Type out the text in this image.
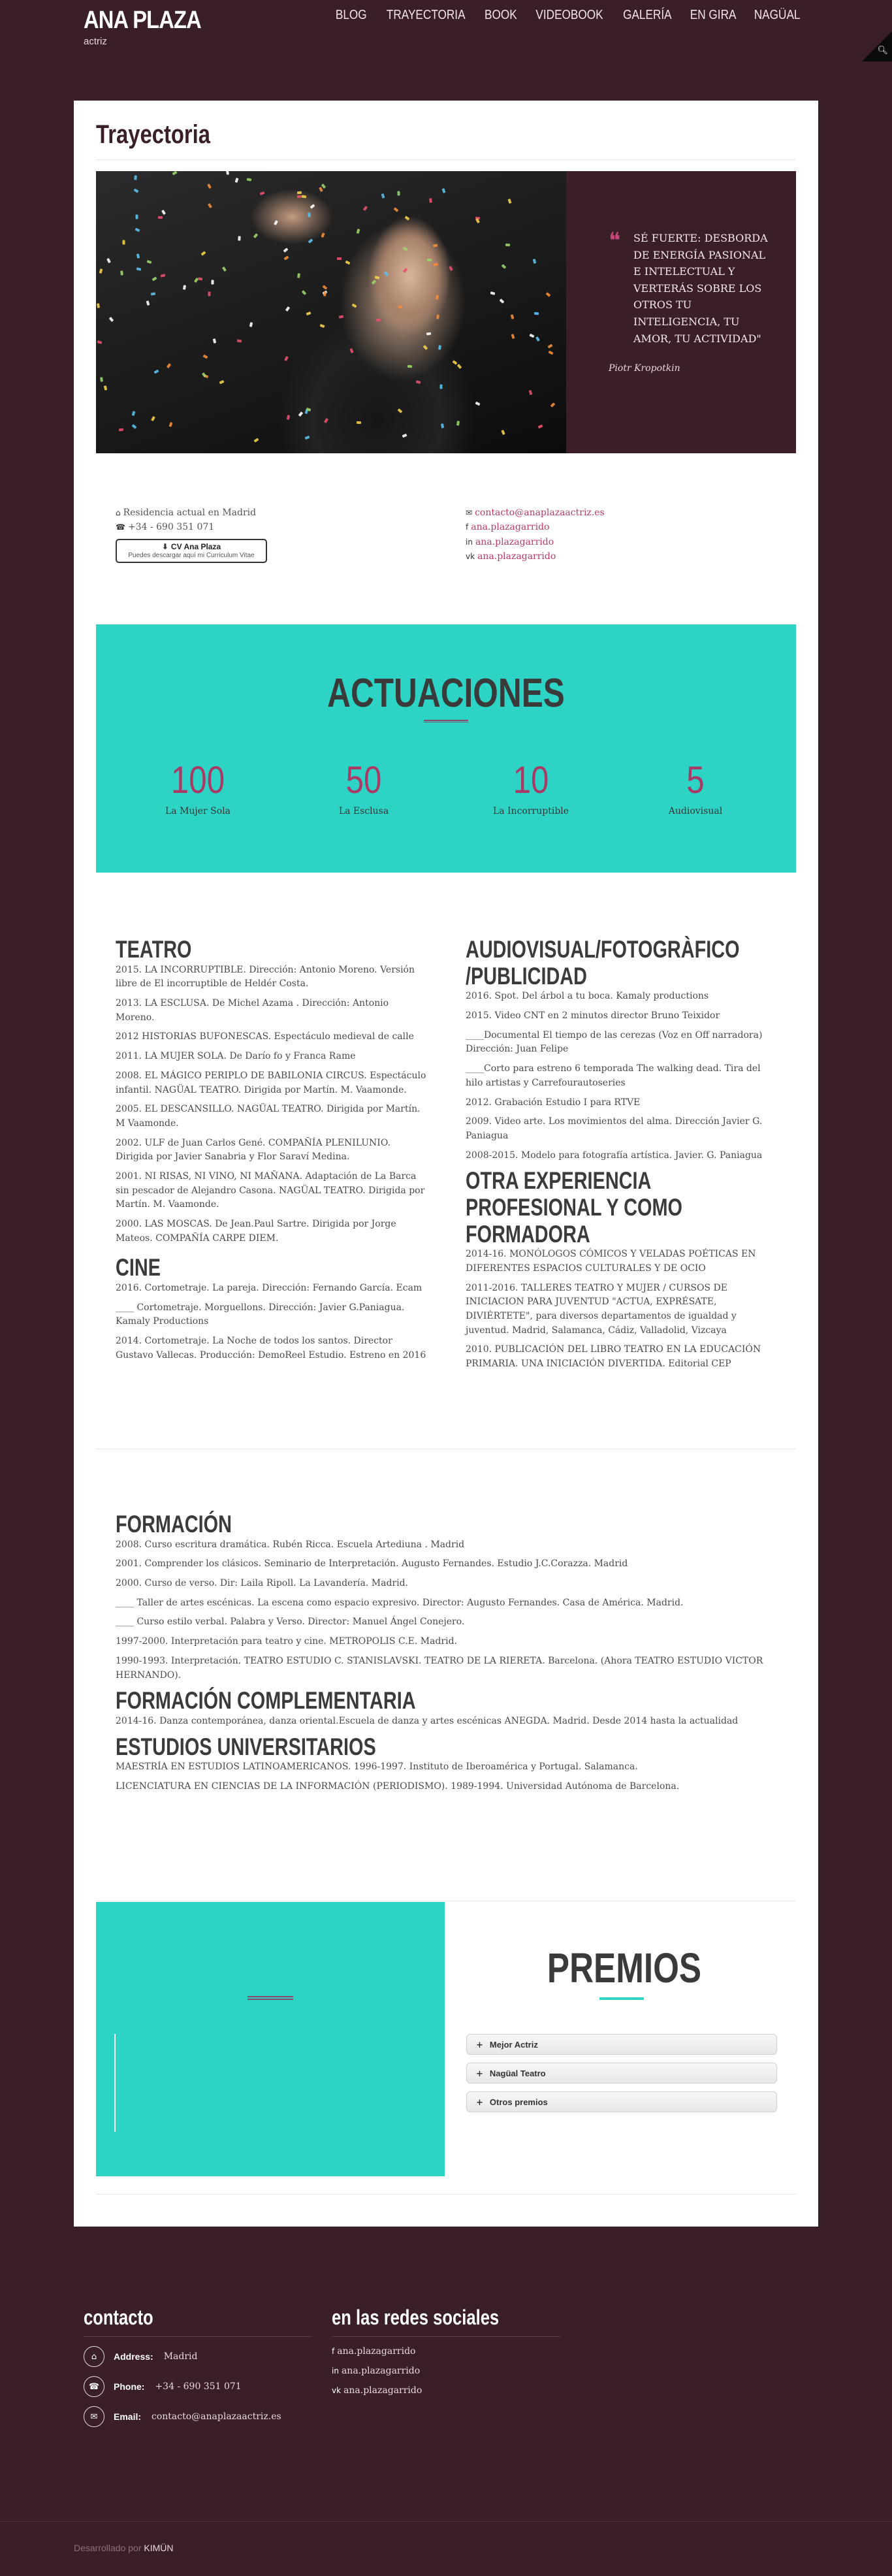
ANA PLAZA
actriz
BLOG TRAYECTORIA BOOK VIDEOBOOK GALERÍA EN GIRA NAGÜAL
🔍︎
Trayectoria
❝ SÉ FUERTE: DESBORDA DE ENERGÍA PASIONAL E INTELECTUAL Y VERTERÁS SOBRE LOS OTROS TU INTELIGENCIA, TU AMOR, TU ACTIVIDAD"
Piotr Kropotkin
⌂ Residencia actual en Madrid
☎ +34 - 690 351 071
⬇ CV Ana Plaza
Puedes descargar aquí mi Curriculum Vitae
✉ contacto@anaplazaactriz.es
f ana.plazagarrido
in ana.plazagarrido
vk ana.plazagarrido
ACTUACIONES
100
La Mujer Sola
50
La Esclusa
10
La Incorruptible
5
Audiovisual
TEATRO

2015. LA INCORRUPTIBLE. Dirección: Antonio Moreno. Versión libre de El incorruptible de Heldér Costa.

2013. LA ESCLUSA. De Michel Azama . Dirección: Antonio Moreno.

2012 HISTORIAS BUFONESCAS. Espectáculo medieval de calle

2011. LA MUJER SOLA. De Darío fo y Franca Rame

2008. EL MÁGICO PERIPLO DE BABILONIA CIRCUS. Espectáculo infantil. NAGÜAL TEATRO. Dirigida por Martín. M. Vaamonde.

2005. EL DESCANSILLO. NAGÜAL TEATRO. Dirigida por Martín. M Vaamonde.

2002. ULF de Juan Carlos Gené. COMPAÑÍA PLENILUNIO. Dirigida por Javier Sanabria y Flor Saraví Medina.

2001. NI RISAS, NI VINO, NI MAÑANA. Adaptación de La Barca sin pescador de Alejandro Casona. NAGÜAL TEATRO. Dirigida por Martín. M. Vaamonde.

2000. LAS MOSCAS. De Jean.Paul Sartre. Dirigida por Jorge Mateos. COMPAÑÍA CARPE DIEM.

CINE

2016. Cortometraje. La pareja. Dirección: Fernando García. Ecam

____ Cortometraje. Morguellons. Dirección: Javier G.Paniagua. Kamaly Productions

2014. Cortometraje. La Noche de todos los santos. Director Gustavo Vallecas. Producción: DemoReel Estudio. Estreno en 2016

AUDIOVISUAL/FOTOGRÀFICO /PUBLICIDAD

2016. Spot. Del árbol a tu boca. Kamaly productions

2015. Video CNT en 2 minutos director Bruno Teixidor

____Documental El tiempo de las cerezas (Voz en Off narradora) Dirección: Juan Felipe

____Corto para estreno 6 temporada The walking dead. Tira del hilo artistas y Carrefourautoseries

2012. Grabación Estudio I para RTVE

2009. Video arte. Los movimientos del alma. Dirección Javier G. Paniagua

2008-2015. Modelo para fotografía artística. Javier. G. Paniagua

OTRA EXPERIENCIA PROFESIONAL Y COMO FORMADORA

2014-16. MONÓLOGOS CÓMICOS Y VELADAS POÉTICAS EN DIFERENTES ESPACIOS CULTURALES Y DE OCIO

2011-2016. TALLERES TEATRO Y MUJER / CURSOS DE INICIACION PARA JUVENTUD "ACTUA, EXPRÉSATE, DIVIÉRTETE", para diversos departamentos de igualdad y juventud. Madrid, Salamanca, Cádiz, Valladolid, Vizcaya

2010. PUBLICACIÓN DEL LIBRO TEATRO EN LA EDUCACIÓN PRIMARIA. UNA INICIACIÓN DIVERTIDA. Editorial CEP

FORMACIÓN

2008. Curso escritura dramática. Rubén Ricca. Escuela Artediuna . Madrid

2001. Comprender los clásicos. Seminario de Interpretación. Augusto Fernandes. Estudio J.C.Corazza. Madrid

2000. Curso de verso. Dir: Laila Ripoll. La Lavandería. Madrid.

____ Taller de artes escénicas. La escena como espacio expresivo. Director: Augusto Fernandes. Casa de América. Madrid.

____ Curso estilo verbal. Palabra y Verso. Director: Manuel Ángel Conejero.

1997-2000. Interpretación para teatro y cine. METROPOLIS C.E. Madrid.

1990-1993. Interpretación. TEATRO ESTUDIO C. STANISLAVSKI. TEATRO DE LA RIERETA. Barcelona. (Ahora TEATRO ESTUDIO VICTOR HERNANDO).

FORMACIÓN COMPLEMENTARIA

2014-16. Danza contemporánea, danza oriental.Escuela de danza y artes escénicas ANEGDA. Madrid. Desde 2014 hasta la actualidad

ESTUDIOS UNIVERSITARIOS

MAESTRÍA EN ESTUDIOS LATINOAMERICANOS. 1996-1997. Instituto de Iberoamérica y Portugal. Salamanca.

LICENCIATURA EN CIENCIAS DE LA INFORMACIÓN (PERIODISMO). 1989-1994. Universidad Autónoma de Barcelona.

PREMIOS
+ Mejor Actriz
+ Nagüal Teatro
+ Otros premios
contacto
⌂	Address: Madrid
☎	Phone: +34 - 690 351 071
✉	Email: contacto@anaplazaactriz.es
en las redes sociales
f ana.plazagarrido
in ana.plazagarrido
vk ana.plazagarrido
Desarrollado por KIMÜN
